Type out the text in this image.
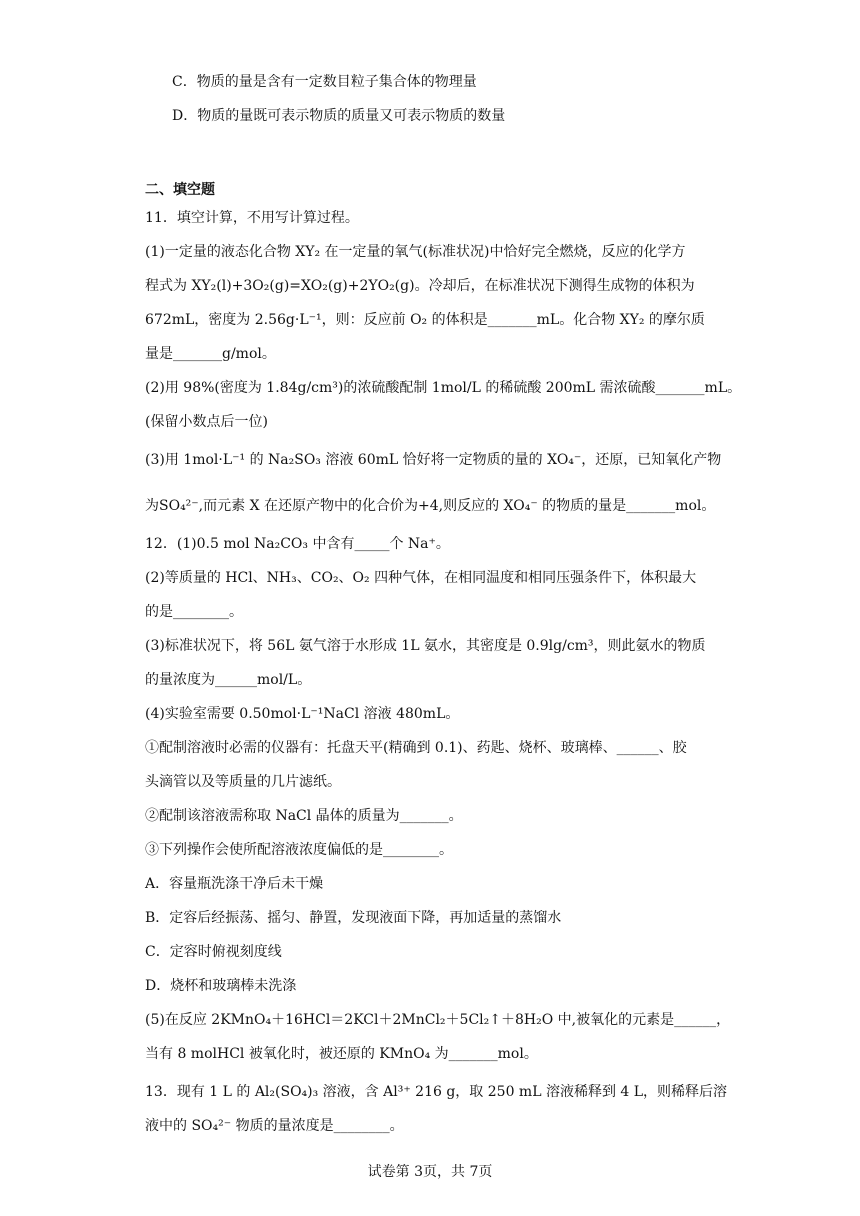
C．物质的量是含有一定数目粒子集合体的物理量
D．物质的量既可表示物质的质量又可表示物质的数量
二、填空题
11．填空计算，不用写计算过程。
(1)一定量的液态化合物 XY₂ 在一定量的氧气(标准状况)中恰好完全燃烧，反应的化学方
程式为 XY₂(l)+3O₂(g)=XO₂(g)+2YO₂(g)。冷却后，在标准状况下测得生成物的体积为
672mL，密度为 2.56g·L⁻¹，则：反应前 O₂ 的体积是_______mL。化合物 XY₂ 的摩尔质
量是_______g/mol。
(2)用 98%(密度为 1.84g/cm³)的浓硫酸配制 1mol/L 的稀硫酸 200mL 需浓硫酸_______mL。
(保留小数点后一位)
(3)用 1mol·L⁻¹ 的 Na₂SO₃ 溶液 60mL 恰好将一定物质的量的 XO₄⁻，还原，已知氧化产物
为SO₄²⁻,而元素 X 在还原产物中的化合价为+4,则反应的 XO₄⁻ 的物质的量是_______mol。
12．(1)0.5 mol Na₂CO₃ 中含有_____个 Na⁺。
(2)等质量的 HCl、NH₃、CO₂、O₂ 四种气体，在相同温度和相同压强条件下，体积最大
的是________。
(3)标准状况下，将 56L 氨气溶于水形成 1L 氨水，其密度是 0.9lg/cm³，则此氨水的物质
的量浓度为______mol/L。
(4)实验室需要 0.50mol·L⁻¹NaCl 溶液 480mL。
①配制溶液时必需的仪器有：托盘天平(精确到 0.1)、药匙、烧杯、玻璃棒、______、胶
头滴管以及等质量的几片滤纸。
②配制该溶液需称取 NaCl 晶体的质量为_______。
③下列操作会使所配溶液浓度偏低的是________。
A．容量瓶洗涤干净后未干燥
B．定容后经振荡、摇匀、静置，发现液面下降，再加适量的蒸馏水
C．定容时俯视刻度线
D．烧杯和玻璃棒未洗涤
(5)在反应 2KMnO₄＋16HCl＝2KCl＋2MnCl₂＋5Cl₂↑＋8H₂O 中,被氧化的元素是______，
当有 8 molHCl 被氧化时，被还原的 KMnO₄ 为_______mol。
13．现有 1 L 的 Al₂(SO₄)₃ 溶液，含 Al³⁺ 216 g，取 250 mL 溶液稀释到 4 L，则稀释后溶
液中的 SO₄²⁻ 物质的量浓度是________。
试卷第 3页，共 7页
